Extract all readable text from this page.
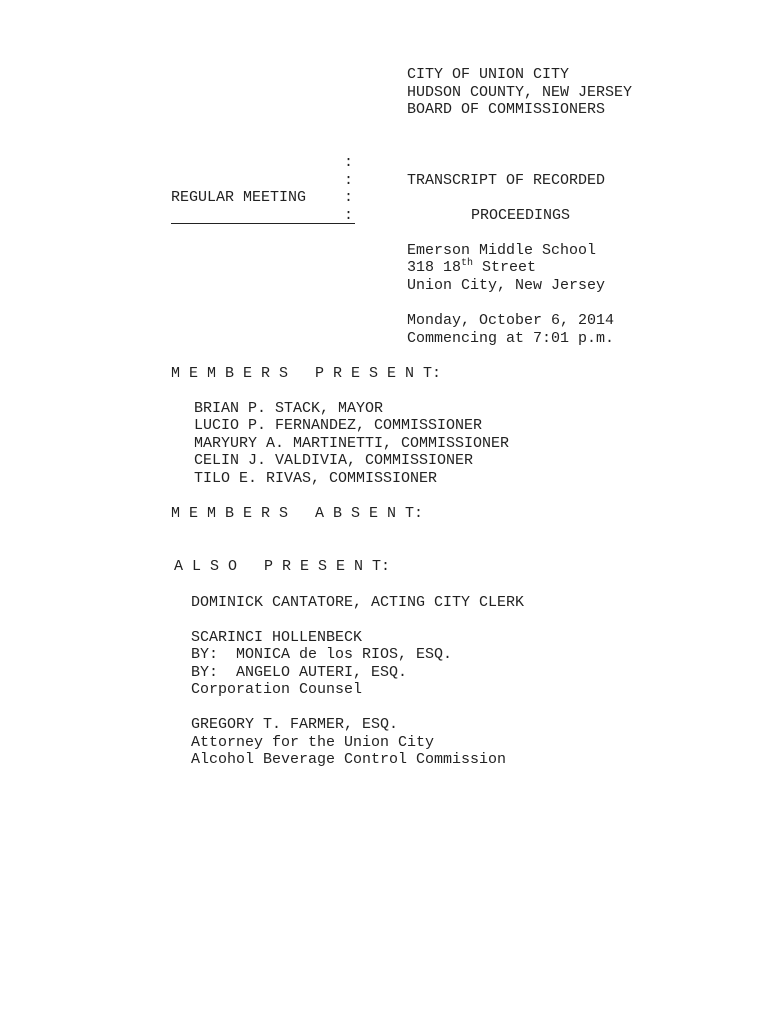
CITY OF UNION CITY
HUDSON COUNTY, NEW JERSEY
BOARD OF COMMISSIONERS
:
:
:
:
REGULAR MEETING
TRANSCRIPT OF RECORDED
PROCEEDINGS
Emerson Middle School
318 18th Street
Union City, New Jersey
Monday, October 6, 2014
Commencing at 7:01 p.m.
M E M B E R S   P R E S E N T:
BRIAN P. STACK, MAYOR
LUCIO P. FERNANDEZ, COMMISSIONER
MARYURY A. MARTINETTI, COMMISSIONER
CELIN J. VALDIVIA, COMMISSIONER
TILO E. RIVAS, COMMISSIONER
M E M B E R S   A B S E N T:
A L S O   P R E S E N T:
DOMINICK CANTATORE, ACTING CITY CLERK
SCARINCI HOLLENBECK
BY:  MONICA de los RIOS, ESQ.
BY:  ANGELO AUTERI, ESQ.
Corporation Counsel
GREGORY T. FARMER, ESQ.
Attorney for the Union City
Alcohol Beverage Control Commission
